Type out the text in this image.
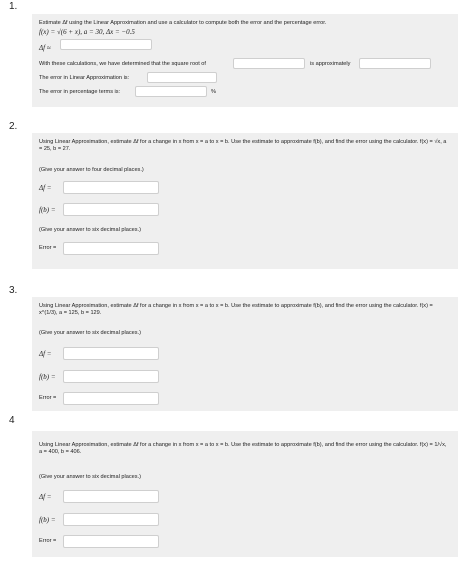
1.
Estimate Δf using the Linear Approximation and use a calculator to compute both the error and the percentage error.
f(x) = √(6 + x), a = 30, Δx = −0.5
Δf ≈
With these calculations, we have determined that the square root of	is approximately
The error in Linear Approximation is:
The error in percentage terms is:	%
2.
Using Linear Approximation, estimate Δf for a change in x from x = a to x = b. Use the estimate to approximate f(b), and find the error using the calculator. f(x) = √x, a = 25, b = 27.
(Give your answer to four decimal places.)
Δf =
f(b) =
(Give your answer to six decimal places.)
Error =
3.
Using Linear Approximation, estimate Δf for a change in x from x = a to x = b. Use the estimate to approximate f(b), and find the error using the calculator. f(x) = x^(1/3), a = 125, b = 129.
(Give your answer to six decimal places.)
Δf =
f(b) =
Error =
4
Using Linear Approximation, estimate Δf for a change in x from x = a to x = b. Use the estimate to approximate f(b), and find the error using the calculator. f(x) = 1/√x, a = 400, b = 406.
(Give your answer to six decimal places.)
Δf =
f(b) =
Error =
